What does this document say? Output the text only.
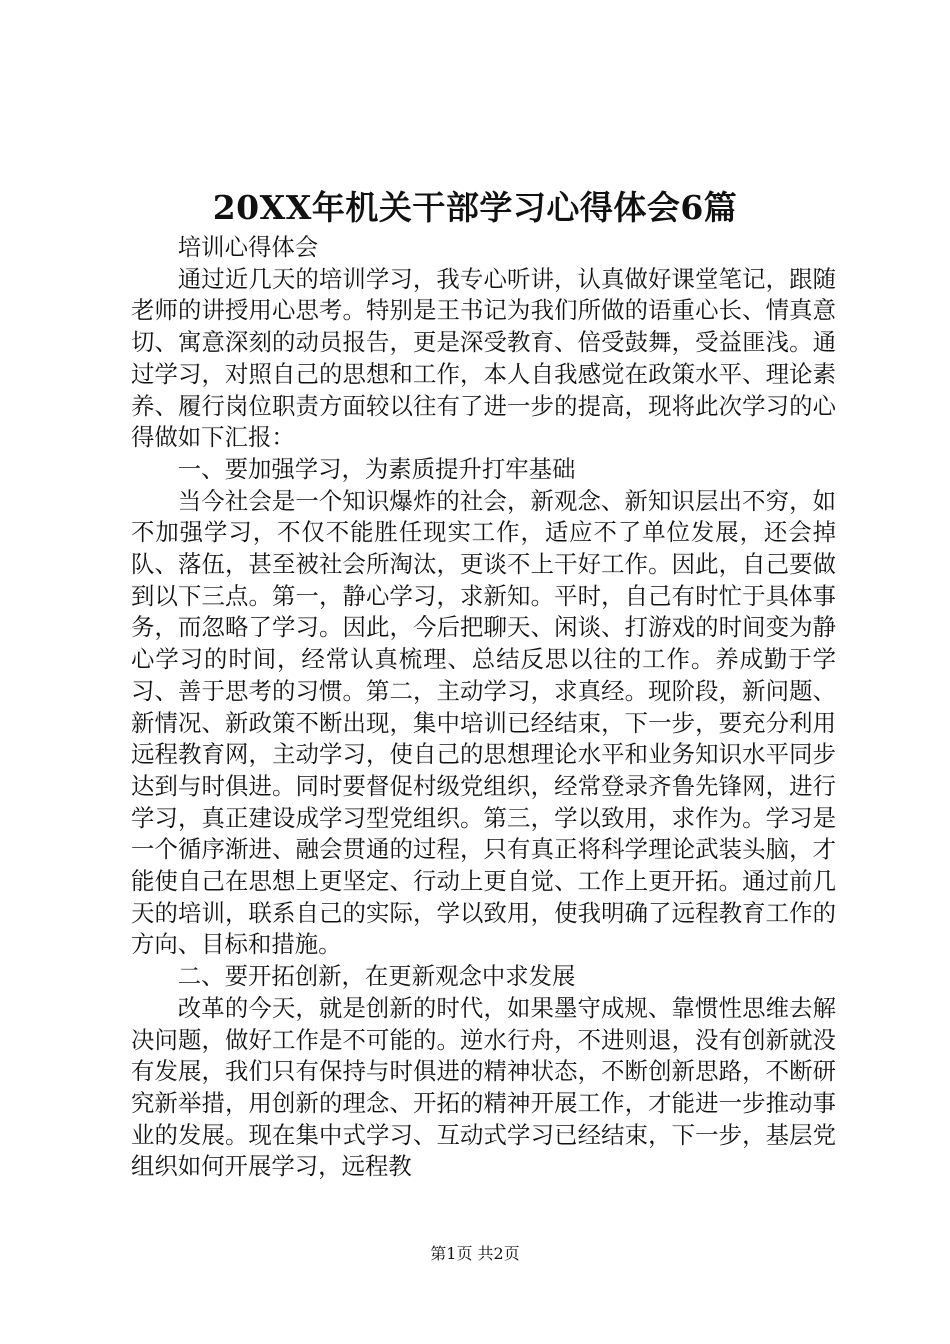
20XX年机关干部学习心得体会6篇

培训心得体会

通过近几天的培训学习，我专心听讲，认真做好课堂笔记，跟随老师的讲授用心思考。特别是王书记为我们所做的语重心长、情真意切、寓意深刻的动员报告，更是深受教育、倍受鼓舞，受益匪浅。通过学习，对照自己的思想和工作，本人自我感觉在政策水平、理论素养、履行岗位职责方面较以往有了进一步的提高，现将此次学习的心得做如下汇报：

一、要加强学习，为素质提升打牢基础

当今社会是一个知识爆炸的社会，新观念、新知识层出不穷，如不加强学习，不仅不能胜任现实工作，适应不了单位发展，还会掉队、落伍，甚至被社会所淘汰，更谈不上干好工作。因此，自己要做到以下三点。第一，静心学习，求新知。平时，自己有时忙于具体事务，而忽略了学习。因此，今后把聊天、闲谈、打游戏的时间变为静心学习的时间，经常认真梳理、总结反思以往的工作。养成勤于学习、善于思考的习惯。第二，主动学习，求真经。现阶段，新问题、新情况、新政策不断出现，集中培训已经结束，下一步，要充分利用远程教育网，主动学习，使自己的思想理论水平和业务知识水平同步达到与时俱进。同时要督促村级党组织，经常登录齐鲁先锋网，进行学习，真正建设成学习型党组织。第三，学以致用，求作为。学习是一个循序渐进、融会贯通的过程，只有真正将科学理论武装头脑，才能使自己在思想上更坚定、行动上更自觉、工作上更开拓。通过前几天的培训，联系自己的实际，学以致用，使我明确了远程教育工作的方向、目标和措施。

二、要开拓创新，在更新观念中求发展

改革的今天，就是创新的时代，如果墨守成规、靠惯性思维去解决问题，做好工作是不可能的。逆水行舟，不进则退，没有创新就没有发展，我们只有保持与时俱进的精神状态，不断创新思路，不断研究新举措，用创新的理念、开拓的精神开展工作，才能进一步推动事业的发展。现在集中式学习、互动式学习已经结束，下一步，基层党组织如何开展学习，远程教

第1页 共2页
